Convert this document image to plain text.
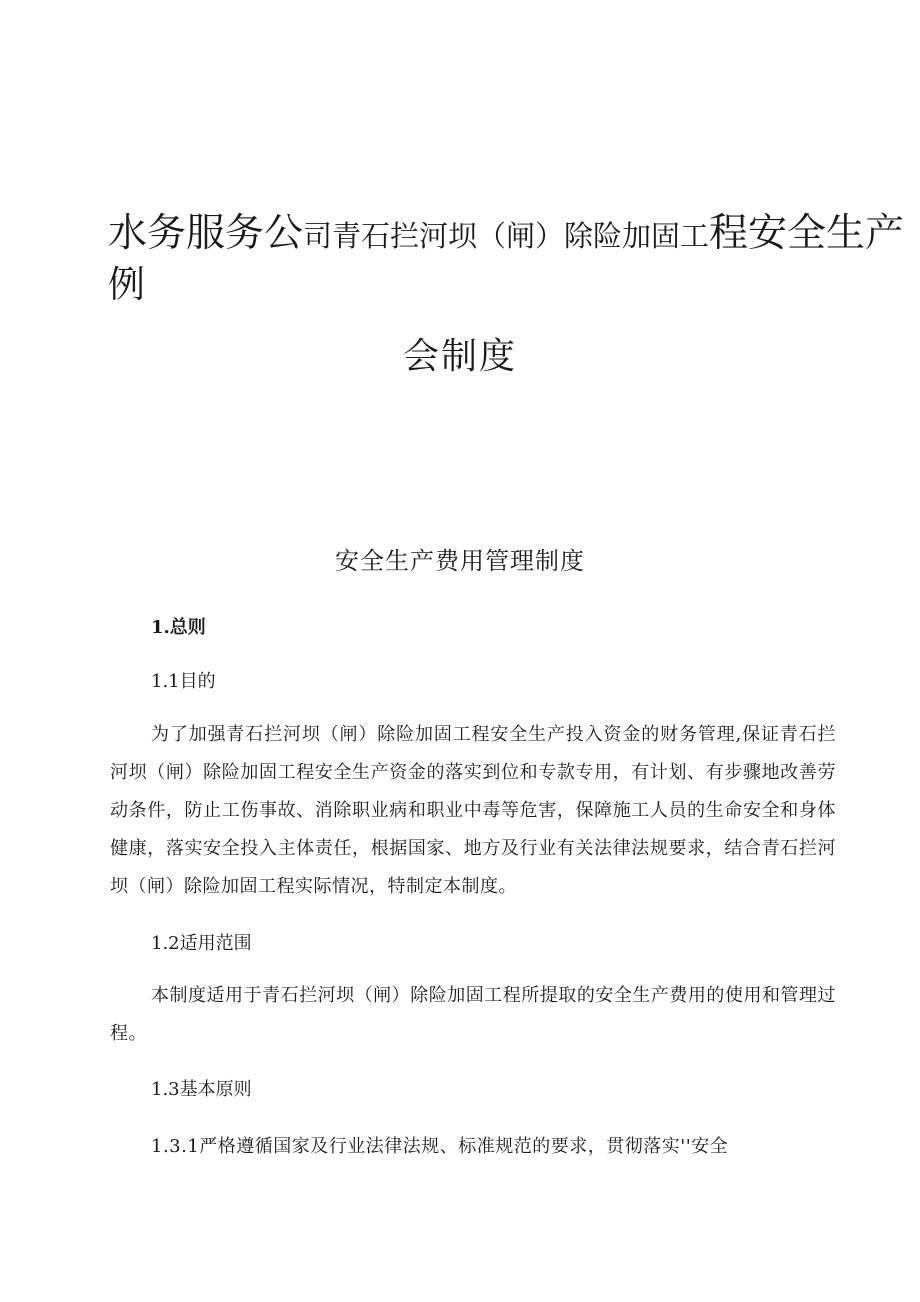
水务服务公司青石拦河坝（闸）除险加固工程安全生产
例
会制度
安全生产费用管理制度
1.总则
1.1目的

为了加强青石拦河坝（闸）除险加固工程安全生产投入资金的财务管理,保证青石拦河坝（闸）除险加固工程安全生产资金的落实到位和专款专用，有计划、有步骤地改善劳动条件，防止工伤事故、消除职业病和职业中毒等危害，保障施工人员的生命安全和身体健康，落实安全投入主体责任，根据国家、地方及行业有关法律法规要求，结合青石拦河坝（闸）除险加固工程实际情况，特制定本制度。

1.2适用范围

本制度适用于青石拦河坝（闸）除险加固工程所提取的安全生产费用的使用和管理过程。

1.3基本原则
1.3.1严格遵循国家及行业法律法规、标准规范的要求，贯彻落实''安全
